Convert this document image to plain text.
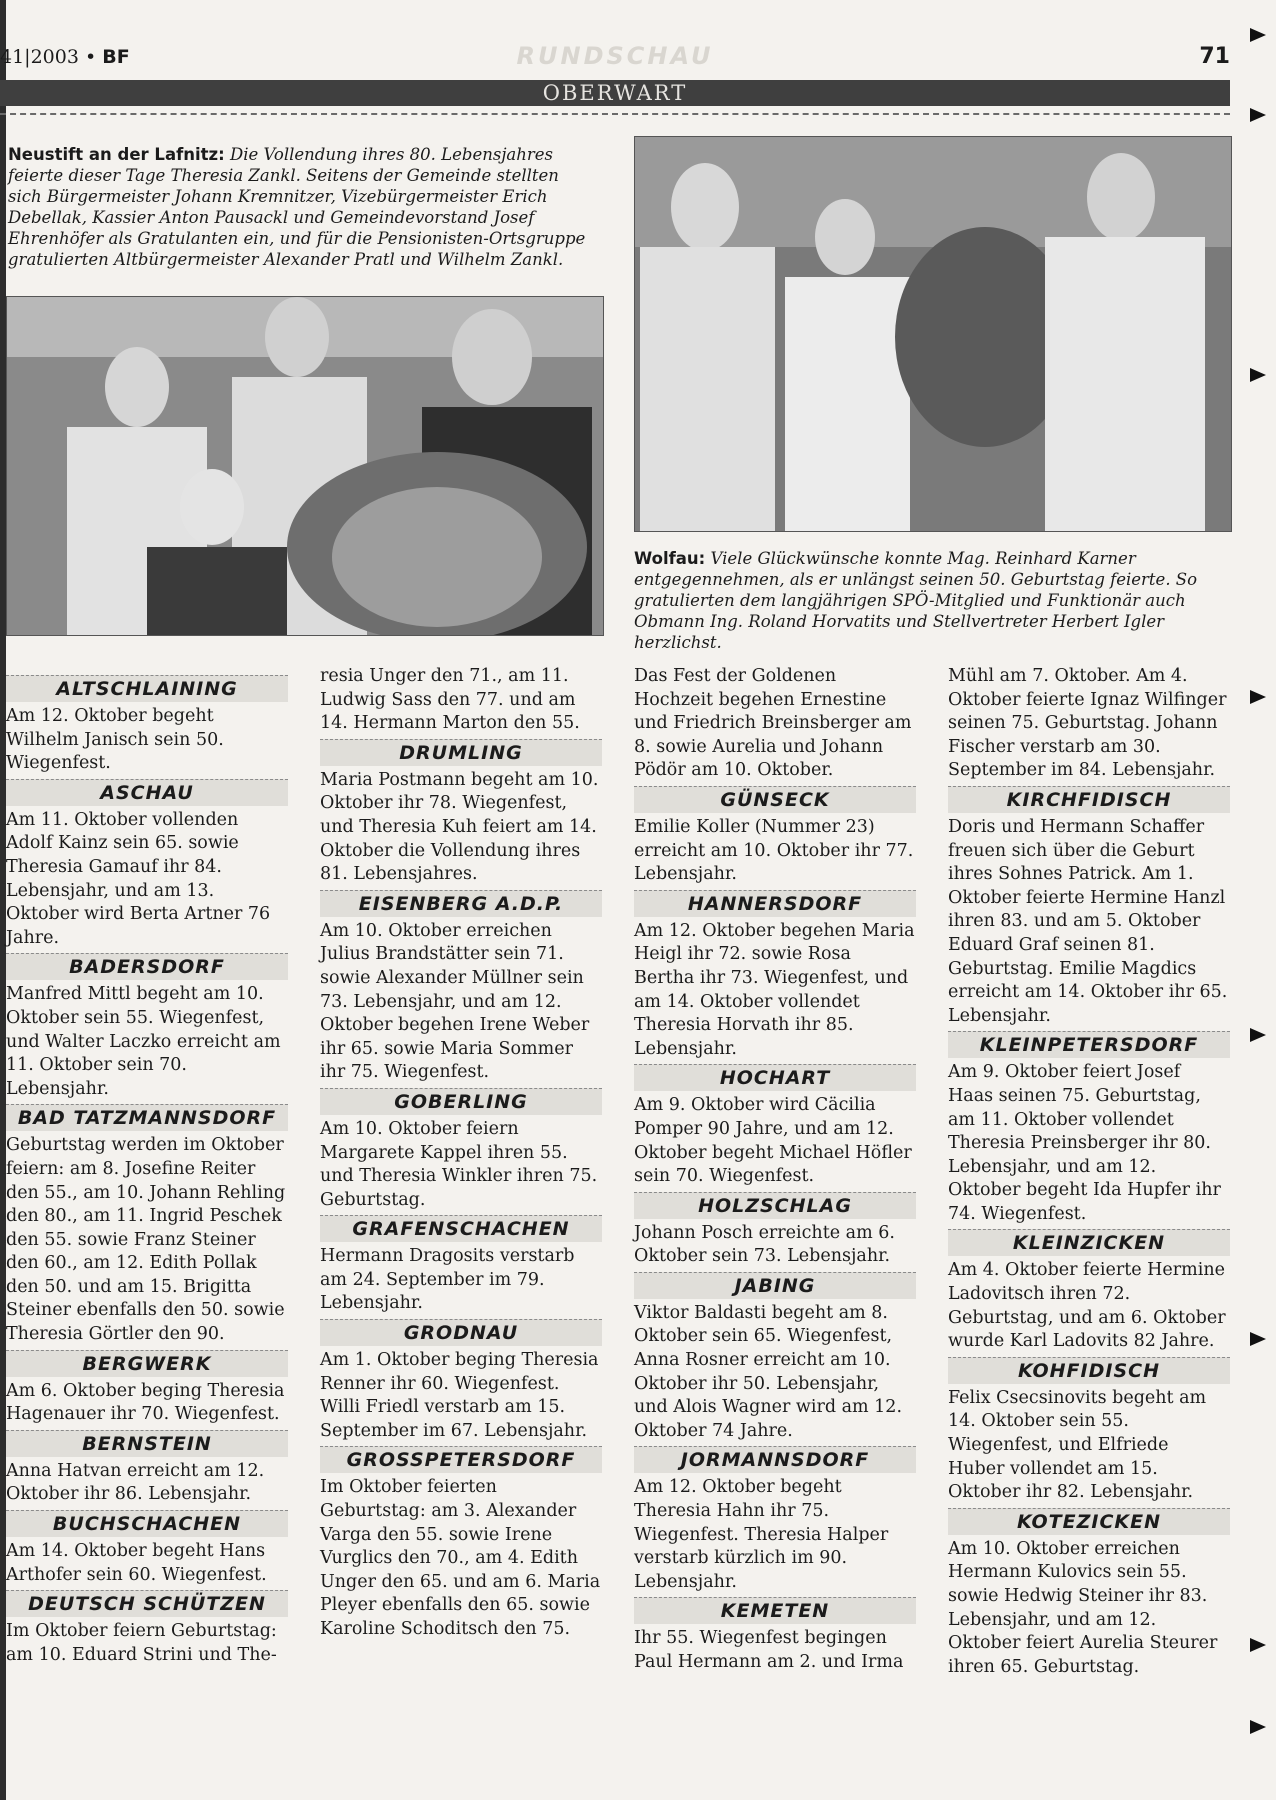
41|2003 • BF	RUNDSCHAU	71
OBERWART
Neustift an der Lafnitz: Die Vollendung ihres 80. Lebensjahres feierte dieser Tage Theresia Zankl. Seitens der Gemeinde stellten sich Bürgermeister Johann Kremnitzer, Vizebürgermeister Erich Debellak, Kassier Anton Pausackl und Gemeindevorstand Josef Ehrenhöfer als Gratulanten ein, und für die Pensionisten-Ortsgruppe gratulierten Altbürgermeister Alexander Pratl und Wilhelm Zankl.
Wolfau: Viele Glückwünsche konnte Mag. Reinhard Karner entgegennehmen, als er unlängst seinen 50. Geburtstag feierte. So gratulierten dem langjährigen SPÖ-Mitglied und Funktionär auch Obmann Ing. Roland Horvatits und Stellvertreter Herbert Igler herzlichst.
ALTSCHLAINING

Am 12. Oktober begeht Wilhelm Janisch sein 50. Wiegenfest.

ASCHAU

Am 11. Oktober vollenden Adolf Kainz sein 65. sowie Theresia Gamauf ihr 84. Lebensjahr, und am 13. Oktober wird Berta Artner 76 Jahre.

BADERSDORF

Manfred Mittl begeht am 10. Oktober sein 55. Wiegenfest, und Walter Laczko erreicht am 11. Oktober sein 70. Lebensjahr.

BAD TATZMANNSDORF

Geburtstag werden im Oktober feiern: am 8. Josefine Reiter den 55., am 10. Johann Rehling den 80., am 11. Ingrid Peschek den 55. sowie Franz Steiner den 60., am 12. Edith Pollak den 50. und am 15. Brigitta Steiner ebenfalls den 50. sowie Theresia Görtler den 90.

BERGWERK

Am 6. Oktober beging Theresia Hagenauer ihr 70. Wiegenfest.

BERNSTEIN

Anna Hatvan erreicht am 12. Oktober ihr 86. Lebensjahr.

BUCHSCHACHEN

Am 14. Oktober begeht Hans Arthofer sein 60. Wiegenfest.

DEUTSCH SCHÜTZEN

Im Oktober feiern Geburtstag: am 10. Eduard Strini und The-

resia Unger den 71., am 11. Ludwig Sass den 77. und am 14. Hermann Marton den 55.

DRUMLING

Maria Postmann begeht am 10. Oktober ihr 78. Wiegenfest, und Theresia Kuh feiert am 14. Oktober die Vollendung ihres 81. Lebensjahres.

EISENBERG A.D.P.

Am 10. Oktober erreichen Julius Brandstätter sein 71. sowie Alexander Müllner sein 73. Lebensjahr, und am 12. Oktober begehen Irene Weber ihr 65. sowie Maria Sommer ihr 75. Wiegenfest.

GOBERLING

Am 10. Oktober feiern Margarete Kappel ihren 55. und Theresia Winkler ihren 75. Geburtstag.

GRAFENSCHACHEN

Hermann Dragosits verstarb am 24. September im 79. Lebensjahr.

GRODNAU

Am 1. Oktober beging Theresia Renner ihr 60. Wiegenfest. Willi Friedl verstarb am 15. September im 67. Lebensjahr.

GROSSPETERSDORF

Im Oktober feierten Geburtstag: am 3. Alexander Varga den 55. sowie Irene Vurglics den 70., am 4. Edith Unger den 65. und am 6. Maria Pleyer ebenfalls den 65. sowie Karoline Schoditsch den 75.

Das Fest der Goldenen Hochzeit begehen Ernestine und Friedrich Breinsberger am 8. sowie Aurelia und Johann Pödör am 10. Oktober.

GÜNSECK

Emilie Koller (Nummer 23) erreicht am 10. Oktober ihr 77. Lebensjahr.

HANNERSDORF

Am 12. Oktober begehen Maria Heigl ihr 72. sowie Rosa Bertha ihr 73. Wiegenfest, und am 14. Oktober vollendet Theresia Horvath ihr 85. Lebensjahr.

HOCHART

Am 9. Oktober wird Cäcilia Pomper 90 Jahre, und am 12. Oktober begeht Michael Höfler sein 70. Wiegenfest.

HOLZSCHLAG

Johann Posch erreichte am 6. Oktober sein 73. Lebensjahr.

JABING

Viktor Baldasti begeht am 8. Oktober sein 65. Wiegenfest, Anna Rosner erreicht am 10. Oktober ihr 50. Lebensjahr, und Alois Wagner wird am 12. Oktober 74 Jahre.

JORMANNSDORF

Am 12. Oktober begeht Theresia Hahn ihr 75. Wiegenfest. Theresia Halper verstarb kürzlich im 90. Lebensjahr.

KEMETEN

Ihr 55. Wiegenfest begingen Paul Hermann am 2. und Irma

Mühl am 7. Oktober. Am 4. Oktober feierte Ignaz Wilfinger seinen 75. Geburtstag. Johann Fischer verstarb am 30. September im 84. Lebensjahr.

KIRCHFIDISCH

Doris und Hermann Schaffer freuen sich über die Geburt ihres Sohnes Patrick. Am 1. Oktober feierte Hermine Hanzl ihren 83. und am 5. Oktober Eduard Graf seinen 81. Geburtstag. Emilie Magdics erreicht am 14. Oktober ihr 65. Lebensjahr.

KLEINPETERSDORF

Am 9. Oktober feiert Josef Haas seinen 75. Geburtstag, am 11. Oktober vollendet Theresia Preinsberger ihr 80. Lebensjahr, und am 12. Oktober begeht Ida Hupfer ihr 74. Wiegenfest.

KLEINZICKEN

Am 4. Oktober feierte Hermine Ladovitsch ihren 72. Geburtstag, und am 6. Oktober wurde Karl Ladovits 82 Jahre.

KOHFIDISCH

Felix Csecsinovits begeht am 14. Oktober sein 55. Wiegenfest, und Elfriede Huber vollendet am 15. Oktober ihr 82. Lebensjahr.

KOTEZICKEN

Am 10. Oktober erreichen Hermann Kulovics sein 55. sowie Hedwig Steiner ihr 83. Lebensjahr, und am 12. Oktober feiert Aurelia Steurer ihren 65. Geburtstag.
